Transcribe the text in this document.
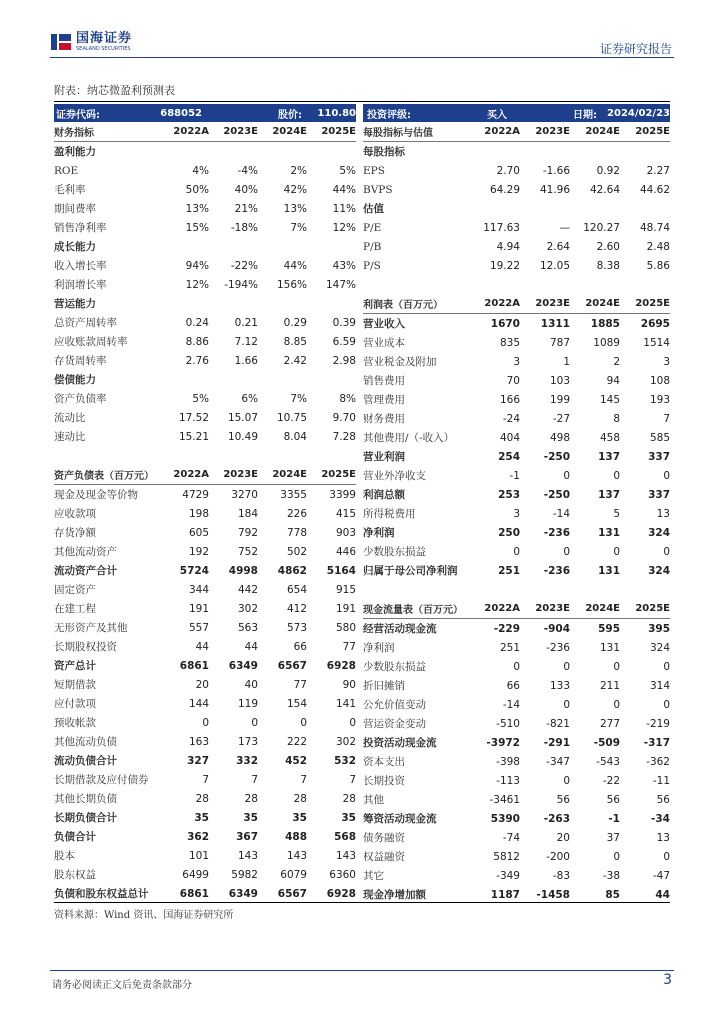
国海证券
SEALAND SECURITIES	证券研究报告
附表：纳芯微盈利预测表
证券代码:	688052	股价:	110.80
财务指标	2022A	2023E	2024E	2025E
盈利能力
ROE	4%	-4%	2%	5%
毛利率	50%	40%	42%	44%
期间费率	13%	21%	13%	11%
销售净利率	15%	-18%	7%	12%
成长能力
收入增长率	94%	-22%	44%	43%
利润增长率	12%	-194%	156%	147%
营运能力
总资产周转率	0.24	0.21	0.29	0.39
应收账款周转率	8.86	7.12	8.85	6.59
存货周转率	2.76	1.66	2.42	2.98
偿债能力
资产负债率	5%	6%	7%	8%
流动比	17.52	15.07	10.75	9.70
速动比	15.21	10.49	8.04	7.28
资产负债表（百万元）	2022A	2023E	2024E	2025E
现金及现金等价物	4729	3270	3355	3399
应收款项	198	184	226	415
存货净额	605	792	778	903
其他流动资产	192	752	502	446
流动资产合计	5724	4998	4862	5164
固定资产	344	442	654	915
在建工程	191	302	412	191
无形资产及其他	557	563	573	580
长期股权投资	44	44	66	77
资产总计	6861	6349	6567	6928
短期借款	20	40	77	90
应付款项	144	119	154	141
预收帐款	0	0	0	0
其他流动负债	163	173	222	302
流动负债合计	327	332	452	532
长期借款及应付债券	7	7	7	7
其他长期负债	28	28	28	28
长期负债合计	35	35	35	35
负债合计	362	367	488	568
股本	101	143	143	143
股东权益	6499	5982	6079	6360
负债和股东权益总计	6861	6349	6567	6928
投资评级:	买入	日期:	2024/02/23
每股指标与估值	2022A	2023E	2024E	2025E
每股指标
EPS	2.70	-1.66	0.92	2.27
BVPS	64.29	41.96	42.64	44.62
估值
P/E	117.63	—	120.27	48.74
P/B	4.94	2.64	2.60	2.48
P/S	19.22	12.05	8.38	5.86
利润表（百万元）	2022A	2023E	2024E	2025E
营业收入	1670	1311	1885	2695
营业成本	835	787	1089	1514
营业税金及附加	3	1	2	3
销售费用	70	103	94	108
管理费用	166	199	145	193
财务费用	-24	-27	8	7
其他费用/（-收入）	404	498	458	585
营业利润	254	-250	137	337
营业外净收支	-1	0	0	0
利润总额	253	-250	137	337
所得税费用	3	-14	5	13
净利润	250	-236	131	324
少数股东损益	0	0	0	0
归属于母公司净利润	251	-236	131	324
现金流量表（百万元）	2022A	2023E	2024E	2025E
经营活动现金流	-229	-904	595	395
净利润	251	-236	131	324
少数股东损益	0	0	0	0
折旧摊销	66	133	211	314
公允价值变动	-14	0	0	0
营运资金变动	-510	-821	277	-219
投资活动现金流	-3972	-291	-509	-317
资本支出	-398	-347	-543	-362
长期投资	-113	0	-22	-11
其他	-3461	56	56	56
筹资活动现金流	5390	-263	-1	-34
债务融资	-74	20	37	13
权益融资	5812	-200	0	0
其它	-349	-83	-38	-47
现金净增加额	1187	-1458	85	44
资料来源：Wind 资讯、国海证券研究所
请务必阅读正文后免责条款部分	3
